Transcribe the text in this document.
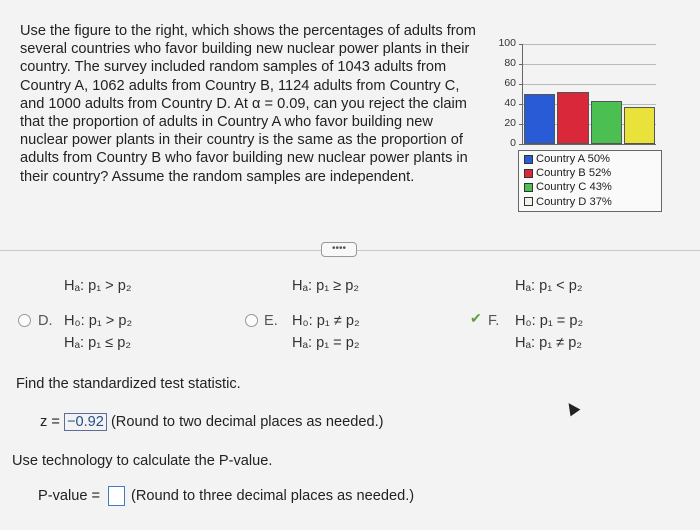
Use the figure to the right, which shows the percentages of adults from
several countries who favor building new nuclear power plants in their
country. The survey included random samples of 1043 adults from
Country A, 1062 adults from Country B, 1124 adults from Country C,
and 1000 adults from Country D. At α = 0.09, can you reject the claim
that the proportion of adults in Country A who favor building new
nuclear power plants in their country is the same as the proportion of
adults from Country B who favor building new nuclear power plants in
their country? Assume the random samples are independent.
100
80
60
40
20
0
Country A 50%
Country B 52%
Country C 43%
Country D 37%
••••
Hₐ: p₁ > p₂	Hₐ: p₁ ≥ p₂	Hₐ: p₁ < p₂
D. H₀: p₁ > p₂
Hₐ: p₁ ≤ p₂
E. H₀: p₁ ≠ p₂
Hₐ: p₁ = p₂
✔ F. H₀: p₁ = p₂
Hₐ: p₁ ≠ p₂
Find the standardized test statistic.
z = −0.92 (Round to two decimal places as needed.)
Use technology to calculate the P-value.
P-value = (Round to three decimal places as needed.)
